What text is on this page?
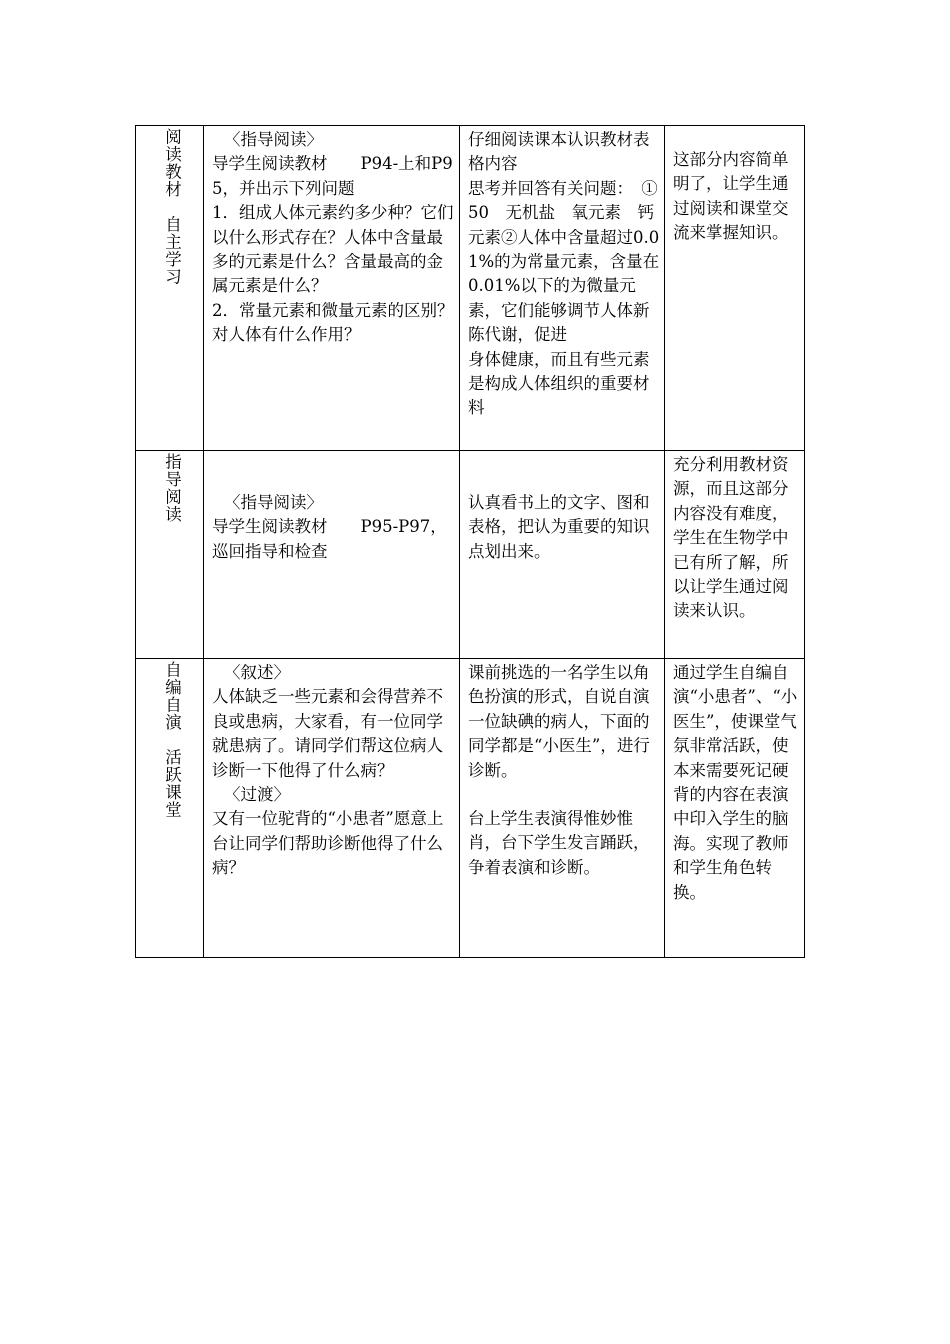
阅读教材　自主学习	〈指导阅读〉
导学生阅读教材　　P94-上和P95，并出示下列问题
1．组成人体元素约多少种？它们以什么形式存在？人体中含量最多的元素是什么？含量最高的金属元素是什么？
2．常量元素和微量元素的区别？对人体有什么作用？	仔细阅读课本认识教材表格内容
思考并回答有关问题：　①50　无机盐　氧元素　钙元素②人体中含量超过0.01%的为常量元素，含量在0.01%以下的为微量元素，它们能够调节人体新陈代谢，促进
身体健康，而且有些元素是构成人体组织的重要材料	这部分内容简单明了，让学生通过阅读和课堂交流来掌握知识。

指导阅读	〈指导阅读〉
导学生阅读教材　　P95-P97，
巡回指导和检查	认真看书上的文字、图和表格，把认为重要的知识点划出来。	充分利用教材资源，而且这部分内容没有难度，学生在生物学中已有所了解，所以让学生通过阅读来认识。

自编自演　活跃课堂	〈叙述〉
人体缺乏一些元素和会得营养不良或患病，大家看，有一位同学就患病了。请同学们帮这位病人诊断一下他得了什么病？
〈过渡〉
又有一位驼背的“小患者”愿意上台让同学们帮助诊断他得了什么病？	课前挑选的一名学生以角色扮演的形式，自说自演一位缺碘的病人，下面的同学都是“小医生”，进行诊断。
台上学生表演得惟妙惟肖，台下学生发言踊跃，争着表演和诊断。	通过学生自编自演“小患者”、“小医生”，使课堂气氛非常活跃，使本来需要死记硬背的内容在表演中印入学生的脑海。实现了教师和学生角色转换。
